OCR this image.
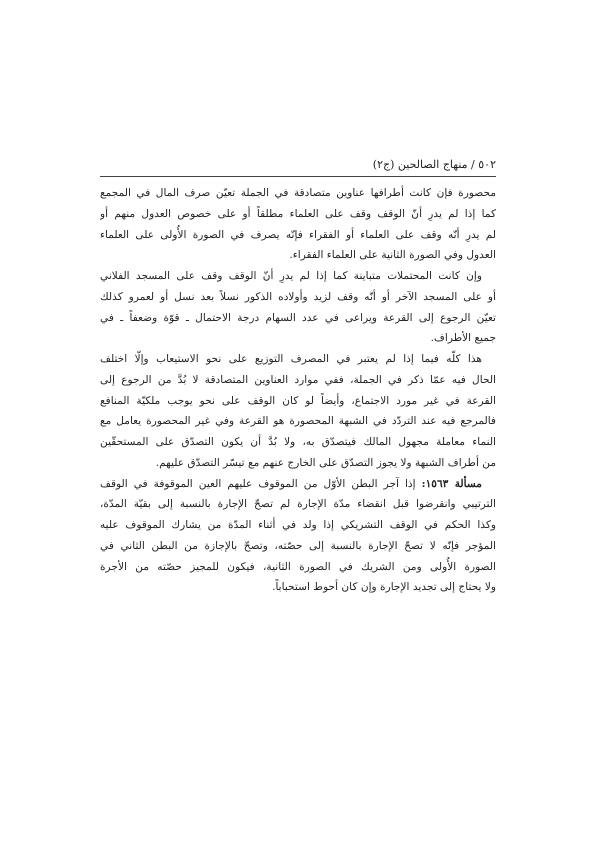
٥٠٢ / منهاج الصالحين (ج٢)
محصورة فإن كانت أطرافها عناوين متصادقة في الجملة تعيّن صرف المال في المجمع
كما إذا لم يدرِ أنّ الوقف وقف على العلماء مطلقاً أو على خصوص العدول منهم أو
لم يدرِ أنّه وقف على العلماء أو الفقراء فإنّه يصرف في الصورة الأُولى على العلماء
العدول وفي الصورة الثانية على العلماء الفقراء.
وإن كانت المحتملات متباينة كما إذا لم يدرِ أنّ الوقف وقف على المسجد الفلاني
أو على المسجد الآخر أو أنّه وقف لزيد وأولاده الذكور نسلاً بعد نسل أو لعمرو كذلك
تعيّن الرجوع إلى القرعة ويراعى في عدد السهام درجة الاحتمال ـ قوّة وضعفاً ـ في
جميع الأطراف.
هذا كلّه فيما إذا لم يعتبر في المصرف التوزيع على نحو الاستيعاب وإلّا اختلف
الحال فيه عمّا ذكر في الجملة، ففي موارد العناوين المتصادقة لا بُدَّ من الرجوع إلى
القرعة في غير مورد الاجتماع، وأيضاً لو كان الوقف على نحو يوجب ملكيّة المنافع
فالمرجع فيه عند التردّد في الشبهة المحصورة هو القرعة وفي غير المحصورة يعامل مع
النماء معاملة مجهول المالك فيتصدّق به، ولا بُدَّ أن يكون التصدّق على المستحقّين
من أطراف الشبهة ولا يجوز التصدّق على الخارج عنهم مع تيسّر التصدّق عليهم.
مسألة ١٥٦٣: إذا آجر البطن الأوّل من الموقوف عليهم العين الموقوفة في الوقف
الترتيبي وانقرضوا قبل انقضاء مدّة الإجارة لم تصحّ الإجارة بالنسبة إلى بقيّة المدّة،
وكذا الحكم في الوقف التشريكي إذا ولد في أثناء المدّة من يشارك الموقوف عليه
المؤجر فإنّه لا تصحّ الإجارة بالنسبة إلى حصّته، وتصحّ بالإجازة من البطن الثاني في
الصورة الأُولى ومن الشريك في الصورة الثانية، فيكون للمجيز حصّته من الأجرة
ولا يحتاج إلى تجديد الإجارة وإن كان أحوط استحباباً.
